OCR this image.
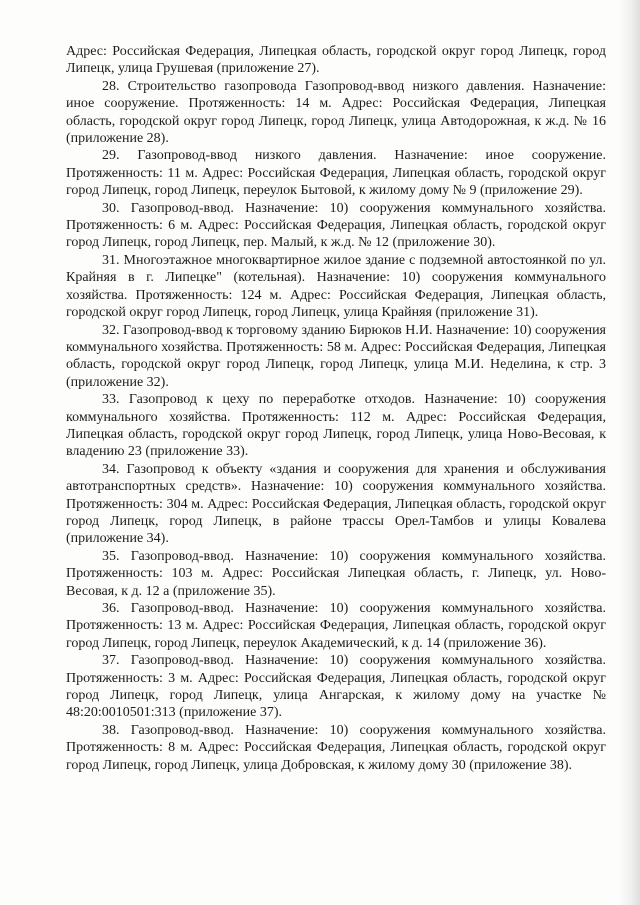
Адрес: Российская Федерация, Липецкая область, городской округ город Липецк, город Липецк, улица Грушевая (приложение 27).

28. Строительство газопровода Газопровод-ввод низкого давления. Назначение: иное сооружение. Протяженность: 14 м. Адрес: Российская Федерация, Липецкая область, городской округ город Липецк, город Липецк, улица Автодорожная, к ж.д. № 16 (приложение 28).

29. Газопровод-ввод низкого давления. Назначение: иное сооружение. Протяженность: 11 м. Адрес: Российская Федерация, Липецкая область, городской округ город Липецк, город Липецк, переулок Бытовой, к жилому дому № 9 (приложение 29).

30. Газопровод-ввод. Назначение: 10) сооружения коммунального хозяйства. Протяженность: 6 м. Адрес: Российская Федерация, Липецкая область, городской округ город Липецк, город Липецк, пер. Малый, к ж.д. № 12 (приложение 30).

31. Многоэтажное многоквартирное жилое здание с подземной автостоянкой по ул. Крайняя в г. Липецке" (котельная). Назначение: 10) сооружения коммунального хозяйства. Протяженность: 124 м. Адрес: Российская Федерация, Липецкая область, городской округ город Липецк, город Липецк, улица Крайняя (приложение 31).

32. Газопровод-ввод к торговому зданию Бирюков Н.И. Назначение: 10) сооружения коммунального хозяйства. Протяженность: 58 м. Адрес: Российская Федерация, Липецкая область, городской округ город Липецк, город Липецк, улица М.И. Неделина, к стр. 3 (приложение 32).

33. Газопровод к цеху по переработке отходов. Назначение: 10) сооружения коммунального хозяйства. Протяженность: 112 м. Адрес: Российская Федерация, Липецкая область, городской округ город Липецк, город Липецк, улица Ново-Весовая, к владению 23 (приложение 33).

34. Газопровод к объекту «здания и сооружения для хранения и обслуживания автотранспортных средств». Назначение: 10) сооружения коммунального хозяйства. Протяженность: 304 м. Адрес: Российская Федерация, Липецкая область, городской округ город Липецк, город Липецк, в районе трассы Орел-Тамбов и улицы Ковалева (приложение 34).

35. Газопровод-ввод. Назначение: 10) сооружения коммунального хозяйства. Протяженность: 103 м. Адрес: Российская Липецкая область, г. Липецк, ул. Ново-Весовая, к д. 12 а (приложение 35).

36. Газопровод-ввод. Назначение: 10) сооружения коммунального хозяйства. Протяженность: 13 м. Адрес: Российская Федерация, Липецкая область, городской округ город Липецк, город Липецк, переулок Академический, к д. 14 (приложение 36).

37. Газопровод-ввод. Назначение: 10) сооружения коммунального хозяйства. Протяженность: 3 м. Адрес: Российская Федерация, Липецкая область, городской округ город Липецк, город Липецк, улица Ангарская, к жилому дому на участке № 48:20:0010501:313 (приложение 37).

38. Газопровод-ввод. Назначение: 10) сооружения коммунального хозяйства. Протяженность: 8 м. Адрес: Российская Федерация, Липецкая область, городской округ город Липецк, город Липецк, улица Добровская, к жилому дому 30 (приложение 38).
